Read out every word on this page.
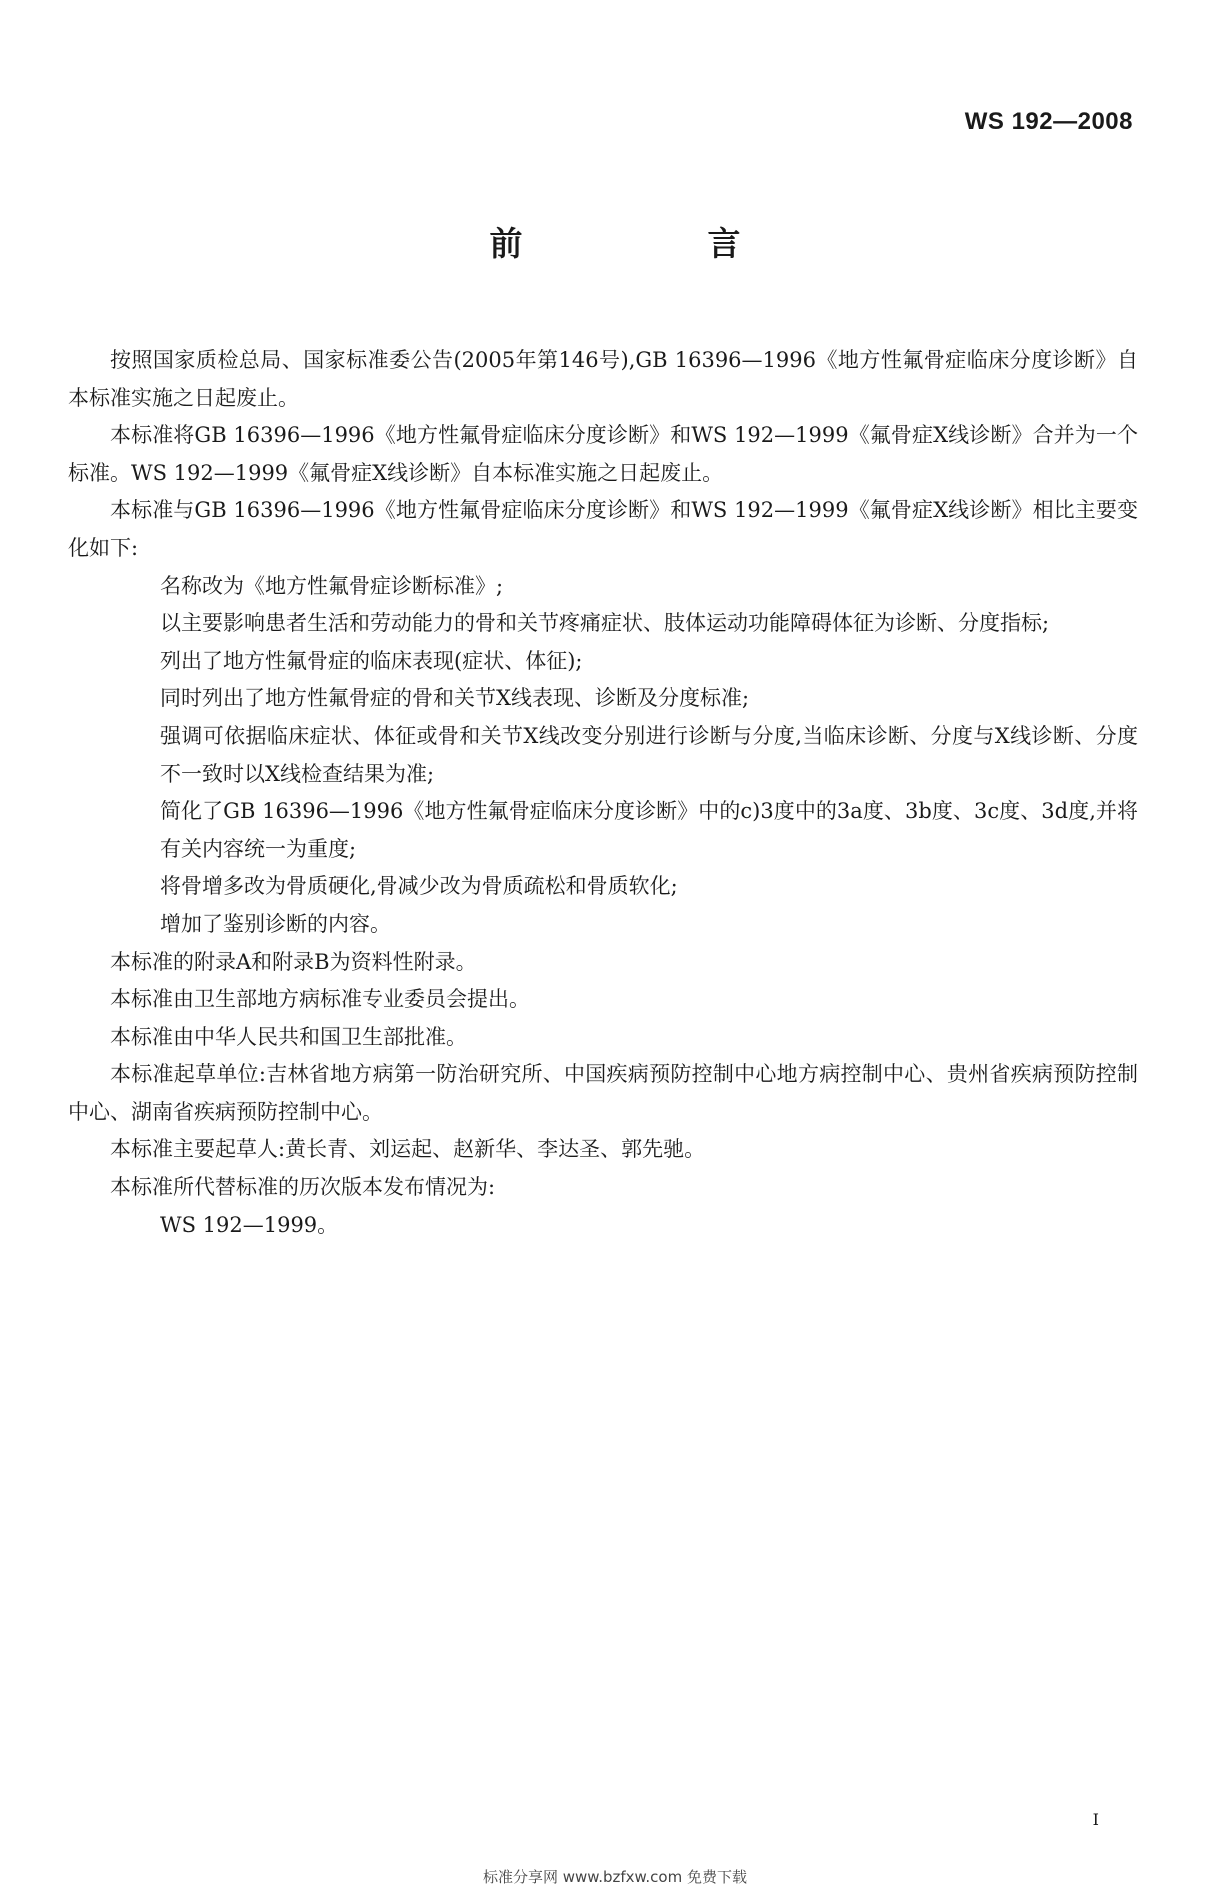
WS 192—2008
前　言

按照国家质检总局、国家标准委公告(2005年第146号),GB 16396—1996《地方性氟骨症临床分度诊断》自本标准实施之日起废止。

本标准将GB 16396—1996《地方性氟骨症临床分度诊断》和WS 192—1999《氟骨症X线诊断》合并为一个标准。WS 192—1999《氟骨症X线诊断》自本标准实施之日起废止。

本标准与GB 16396—1996《地方性氟骨症临床分度诊断》和WS 192—1999《氟骨症X线诊断》相比主要变化如下:

名称改为《地方性氟骨症诊断标准》;

以主要影响患者生活和劳动能力的骨和关节疼痛症状、肢体运动功能障碍体征为诊断、分度指标;

列出了地方性氟骨症的临床表现(症状、体征);

同时列出了地方性氟骨症的骨和关节X线表现、诊断及分度标准;

强调可依据临床症状、体征或骨和关节X线改变分别进行诊断与分度,当临床诊断、分度与X线诊断、分度不一致时以X线检查结果为准;

简化了GB 16396—1996《地方性氟骨症临床分度诊断》中的c)3度中的3a度、3b度、3c度、3d度,并将有关内容统一为重度;

将骨增多改为骨质硬化,骨减少改为骨质疏松和骨质软化;

增加了鉴别诊断的内容。

本标准的附录A和附录B为资料性附录。

本标准由卫生部地方病标准专业委员会提出。

本标准由中华人民共和国卫生部批准。

本标准起草单位:吉林省地方病第一防治研究所、中国疾病预防控制中心地方病控制中心、贵州省疾病预防控制中心、湖南省疾病预防控制中心。

本标准主要起草人:黄长青、刘运起、赵新华、李达圣、郭先驰。

本标准所代替标准的历次版本发布情况为:

WS 192—1999。

I
标准分享网 www.bzfxw.com 免费下载
